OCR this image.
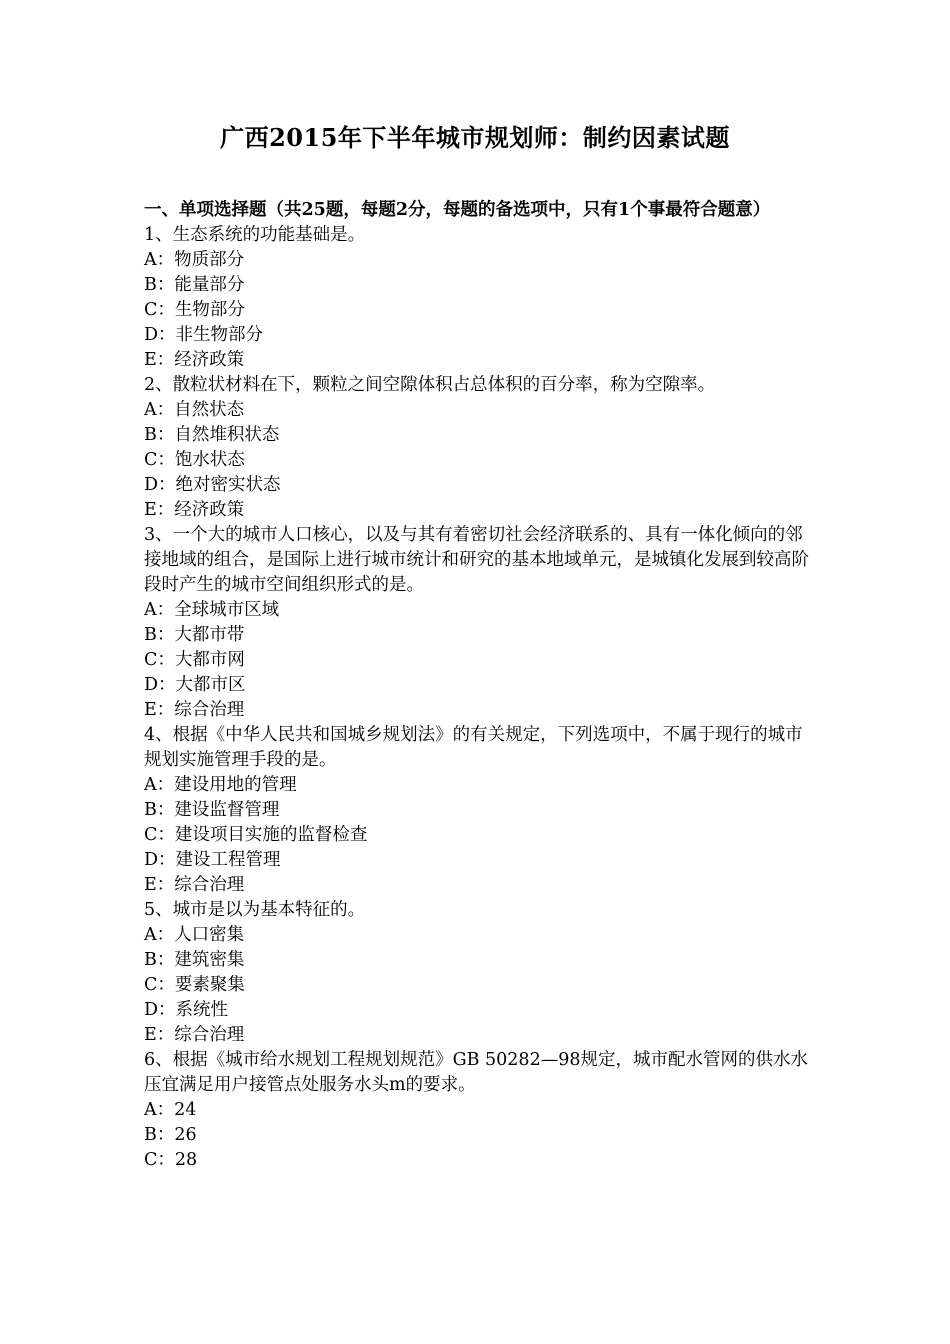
广西2015年下半年城市规划师：制约因素试题
一、单项选择题（共25题，每题2分，每题的备选项中，只有1个事最符合题意）
1、生态系统的功能基础是。
A：物质部分
B：能量部分
C：生物部分
D：非生物部分
E：经济政策
2、散粒状材料在下，颗粒之间空隙体积占总体积的百分率，称为空隙率。
A：自然状态
B：自然堆积状态
C：饱水状态
D：绝对密实状态
E：经济政策
3、一个大的城市人口核心，以及与其有着密切社会经济联系的、具有一体化倾向的邻接地域的组合，是国际上进行城市统计和研究的基本地域单元，是城镇化发展到较高阶段时产生的城市空间组织形式的是。
A：全球城市区域
B：大都市带
C：大都市网
D：大都市区
E：综合治理
4、根据《中华人民共和国城乡规划法》的有关规定，下列选项中，不属于现行的城市规划实施管理手段的是。
A：建设用地的管理
B：建设监督管理
C：建设项目实施的监督检查
D：建设工程管理
E：综合治理
5、城市是以为基本特征的。
A：人口密集
B：建筑密集
C：要素聚集
D：系统性
E：综合治理
6、根据《城市给水规划工程规划规范》GB 50282—98规定，城市配水管网的供水水压宜满足用户接管点处服务水头m的要求。
A：24
B：26
C：28
